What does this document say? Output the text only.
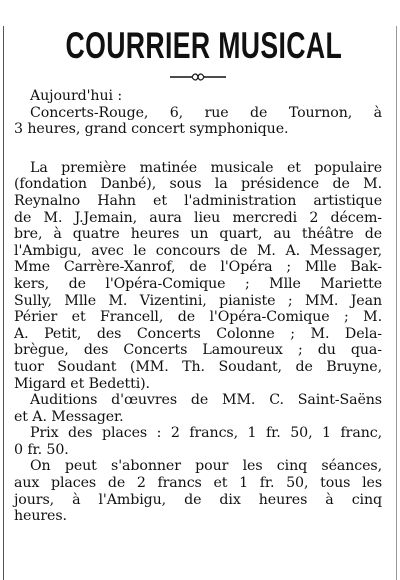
COURRIER MUSICAL
Aujourd'hui :
Concerts-Rouge, 6, rue de Tournon, à
3 heures, grand concert symphonique.
La première matinée musicale et populaire
(fondation Danbé), sous la présidence de M.
Reynalno Hahn et l'administration artistique
de M. J.Jemain, aura lieu mercredi 2 décem-
bre, à quatre heures un quart, au théâtre de
l'Ambigu, avec le concours de M. A. Messager,
Mme Carrère-Xanrof, de l'Opéra ; Mlle Bak-
kers, de l'Opéra-Comique ; Mlle Mariette
Sully, Mlle M. Vizentini, pianiste ; MM. Jean
Périer et Francell, de l'Opéra-Comique ; M.
A. Petit, des Concerts Colonne ; M. Dela-
brègue, des Concerts Lamoureux ; du qua-
tuor Soudant (MM. Th. Soudant, de Bruyne,
Migard et Bedetti).
Auditions d'œuvres de MM. C. Saint-Saëns
et A. Messager.
Prix des places : 2 francs, 1 fr. 50, 1 franc,
0 fr. 50.
On peut s'abonner pour les cinq séances,
aux places de 2 francs et 1 fr. 50, tous les
jours, à l'Ambigu, de dix heures à cinq
heures.
